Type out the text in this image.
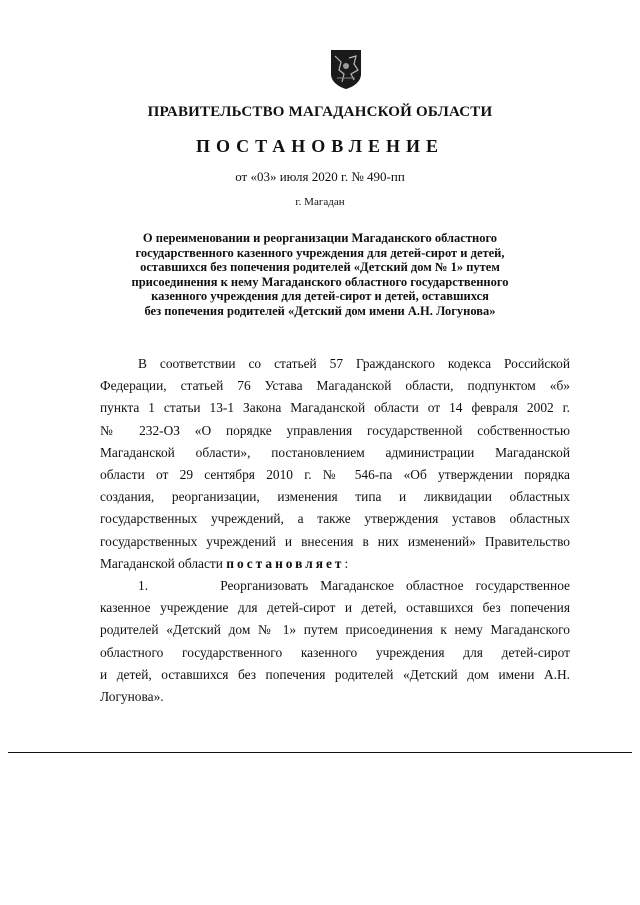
ПРАВИТЕЛЬСТВО МАГАДАНСКОЙ ОБЛАСТИ
ПОСТАНОВЛЕНИЕ
от «03» июля 2020 г. № 490-пп
г. Магадан
О переименовании и реорганизации Магаданского областного
государственного казенного учреждения для детей-сирот и детей,
оставшихся без попечения родителей «Детский дом № 1» путем
присоединения к нему Магаданского областного государственного
казенного учреждения для детей-сирот и детей, оставшихся
без попечения родителей «Детский дом имени А.Н. Логунова»
В соответствии со статьей 57 Гражданского кодекса Российской
Федерации, статьей 76 Устава Магаданской области, подпунктом «б»
пункта 1 статьи 13-1 Закона Магаданской области от 14 февраля 2002 г.
№ 232-ОЗ «О порядке управления государственной собственностью
Магаданской области», постановлением администрации Магаданской
области от 29 сентября 2010 г. № 546-па «Об утверждении порядка
создания, реорганизации, изменения типа и ликвидации областных
государственных учреждений, а также утверждения уставов областных
государственных учреждений и внесения в них изменений» Правительство
Магаданской области постановляет:
1.      Реорганизовать Магаданское областное государственное
казенное учреждение для детей-сирот и детей, оставшихся без попечения
родителей «Детский дом № 1» путем присоединения к нему Магаданского
областного государственного казенного учреждения для детей-сирот
и детей, оставшихся без попечения родителей «Детский дом имени А.Н.
Логунова».
